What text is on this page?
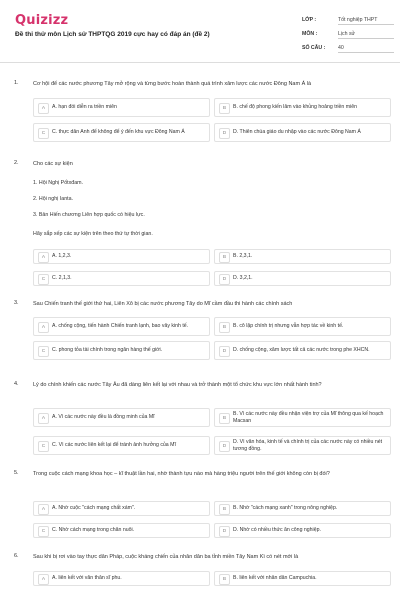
Quizizz
Đề thi thử môn Lịch sử THPTQG 2019 cực hay có đáp án (đề 2)
LỚP :	Tốt nghiệp THPT
MÔN :	Lịch sử
SỐ CÂU : 40
1.	Cơ hội để các nước phương Tây mở rộng và từng bước hoàn thành quá trình xâm lược các nước Đông Nam Á là
A	A. hạn đói diễn ra triền miên	B	B. chế độ phong kiến lâm vào khủng hoảng triền miên
C	C. thực dân Anh để không để ý đến khu vực Đông Nam Á	D	D. Thiên chúa giáo du nhập vào các nước Đông Nam Á
2.	Cho các sự kiện
1. Hội Nghị Pốtxđam.
2. Hội nghị Ianta.
3. Bản Hiến chương Liên hợp quốc có hiệu lực.
Hãy sắp xếp các sự kiện trên theo thứ tự thời gian.
A	A. 1,2,3.	B	B. 2,3,1.
C	C. 2,1,3.	D	D. 3,2,1.
3.	Sau Chiến tranh thế giới thứ hai, Liên Xô bị các nước phương Tây do Mĩ cầm đầu thi hành các chính sách
A	A. chống cộng, tiến hành Chiến tranh lạnh, bao vây kinh tế.	B	B. cô lập chính trị nhưng vẫn hợp tác về kinh tế.
C	C. phong tỏa tài chính trong ngân hàng thế giới.	D	D. chống cộng, xâm lược tất cả các nước trong phe XHCN.
4.	Lý do chính khiến các nước Tây Âu đã dàng liên kết lại với nhau và trở thành một tổ chức khu vực lớn nhất hành tinh?
A	A. Vì các nước này đều là đồng minh của Mĩ	B
B. Vì các nước này đều nhận viện trợ của Mĩ thông qua kế hoạch Macsan
C	C. Vì các nước liên kết lại để tránh ảnh hưởng của Mĩ	D
D. Vì văn hóa, kinh tế và chính trị của các nước này có nhiều nét tương đồng.
5.	Trong cuộc cách mạng khoa học – kĩ thuật lần hai, nhờ thành tựu nào mà hàng triệu người trên thế giới không còn bị đói?
A	A. Nhờ cuộc "cách mạng chất xám".	B	B. Nhờ "cách mạng xanh" trong nông nghiệp.
C	C. Nhờ cách mạng trong chăn nuôi.	D	D. Nhờ có nhiều thức ăn công nghiệp.
6.	Sau khi bị rơi vào tay thực dân Pháp, cuộc kháng chiến của nhân dân ba tỉnh miền Tây Nam Kì có nét mới là
A	A. liên kết với văn thân sĩ phu.	B	B. liên kết với nhân dân Campuchia.
